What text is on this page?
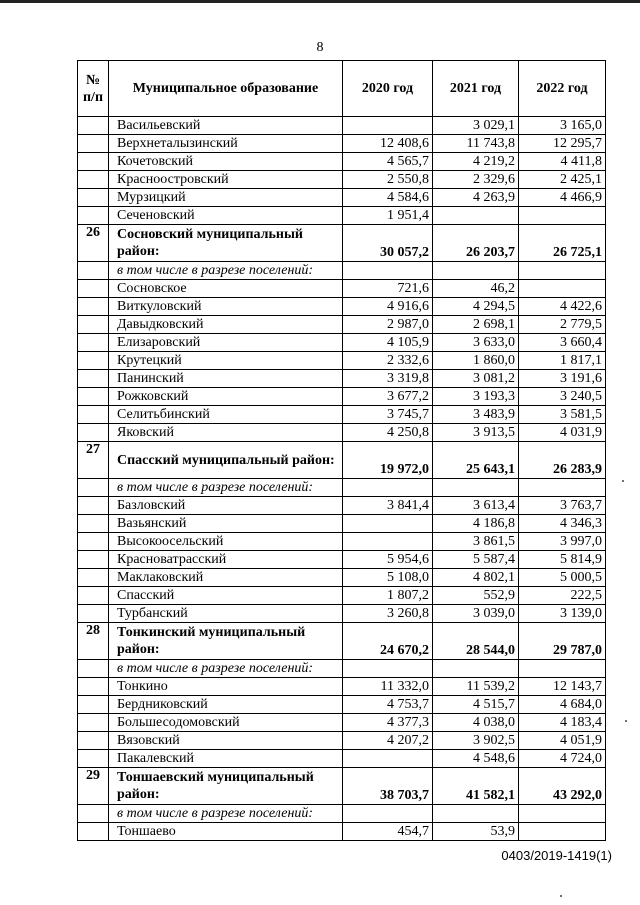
8
№ п/п	Муниципальное образование	2020 год	2021 год	2022 год
	Васильевский		3 029,1	3 165,0
	Верхнеталызинский	12 408,6	11 743,8	12 295,7
	Кочетовский	4 565,7	4 219,2	4 411,8
	Красноостровский	2 550,8	2 329,6	2 425,1
	Мурзицкий	4 584,6	4 263,9	4 466,9
	Сеченовский	1 951,4		
26	Сосновский муниципальный район:	30 057,2	26 203,7	26 725,1
	в том числе в разрезе поселений:			
	Сосновское	721,6	46,2	
	Виткуловский	4 916,6	4 294,5	4 422,6
	Давыдковский	2 987,0	2 698,1	2 779,5
	Елизаровский	4 105,9	3 633,0	3 660,4
	Крутецкий	2 332,6	1 860,0	1 817,1
	Панинский	3 319,8	3 081,2	3 191,6
	Рожковский	3 677,2	3 193,3	3 240,5
	Селитьбинский	3 745,7	3 483,9	3 581,5
	Яковский	4 250,8	3 913,5	4 031,9
27	Спасский муниципальный район:	19 972,0	25 643,1	26 283,9
	в том числе в разрезе поселений:			
	Базловский	3 841,4	3 613,4	3 763,7
	Вазьянский		4 186,8	4 346,3
	Высокоосельский		3 861,5	3 997,0
	Красноватрасский	5 954,6	5 587,4	5 814,9
	Маклаковский	5 108,0	4 802,1	5 000,5
	Спасский	1 807,2	552,9	222,5
	Турбанский	3 260,8	3 039,0	3 139,0
28	Тонкинский муниципальный район:	24 670,2	28 544,0	29 787,0
	в том числе в разрезе поселений:			
	Тонкино	11 332,0	11 539,2	12 143,7
	Бердниковский	4 753,7	4 515,7	4 684,0
	Большесодомовский	4 377,3	4 038,0	4 183,4
	Вязовский	4 207,2	3 902,5	4 051,9
	Пакалевский		4 548,6	4 724,0
29	Тоншаевский муниципальный район:	38 703,7	41 582,1	43 292,0
	в том числе в разрезе поселений:			
	Тоншаево	454,7	53,9	
0403/2019-1419(1)
